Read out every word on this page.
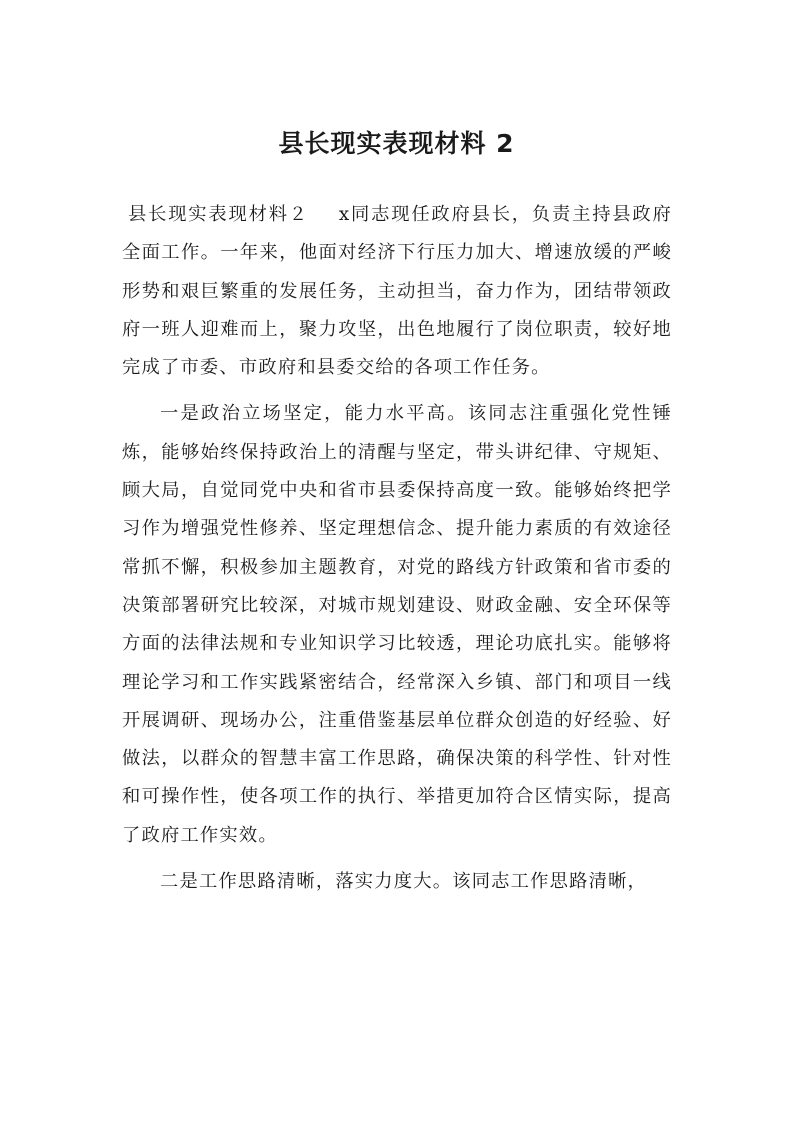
县长现实表现材料 2

县长现实表现材料２ x同志现任政府县长，负责主持县政府全面工作。一年来，他面对经济下行压力加大、增速放缓的严峻形势和艰巨繁重的发展任务，主动担当，奋力作为，团结带领政府一班人迎难而上，聚力攻坚，出色地履行了岗位职责，较好地完成了市委、市政府和县委交给的各项工作任务。

一是政治立场坚定，能力水平高。该同志注重强化党性锤炼，能够始终保持政治上的清醒与坚定，带头讲纪律、守规矩、顾大局，自觉同党中央和省市县委保持高度一致。能够始终把学习作为增强党性修养、坚定理想信念、提升能力素质的有效途径常抓不懈，积极参加主题教育，对党的路线方针政策和省市委的决策部署研究比较深，对城市规划建设、财政金融、安全环保等方面的法律法规和专业知识学习比较透，理论功底扎实。能够将理论学习和工作实践紧密结合，经常深入乡镇、部门和项目一线开展调研、现场办公，注重借鉴基层单位群众创造的好经验、好做法，以群众的智慧丰富工作思路，确保决策的科学性、针对性和可操作性，使各项工作的执行、举措更加符合区情实际，提高了政府工作实效。

二是工作思路清晰，落实力度大。该同志工作思路清晰，
